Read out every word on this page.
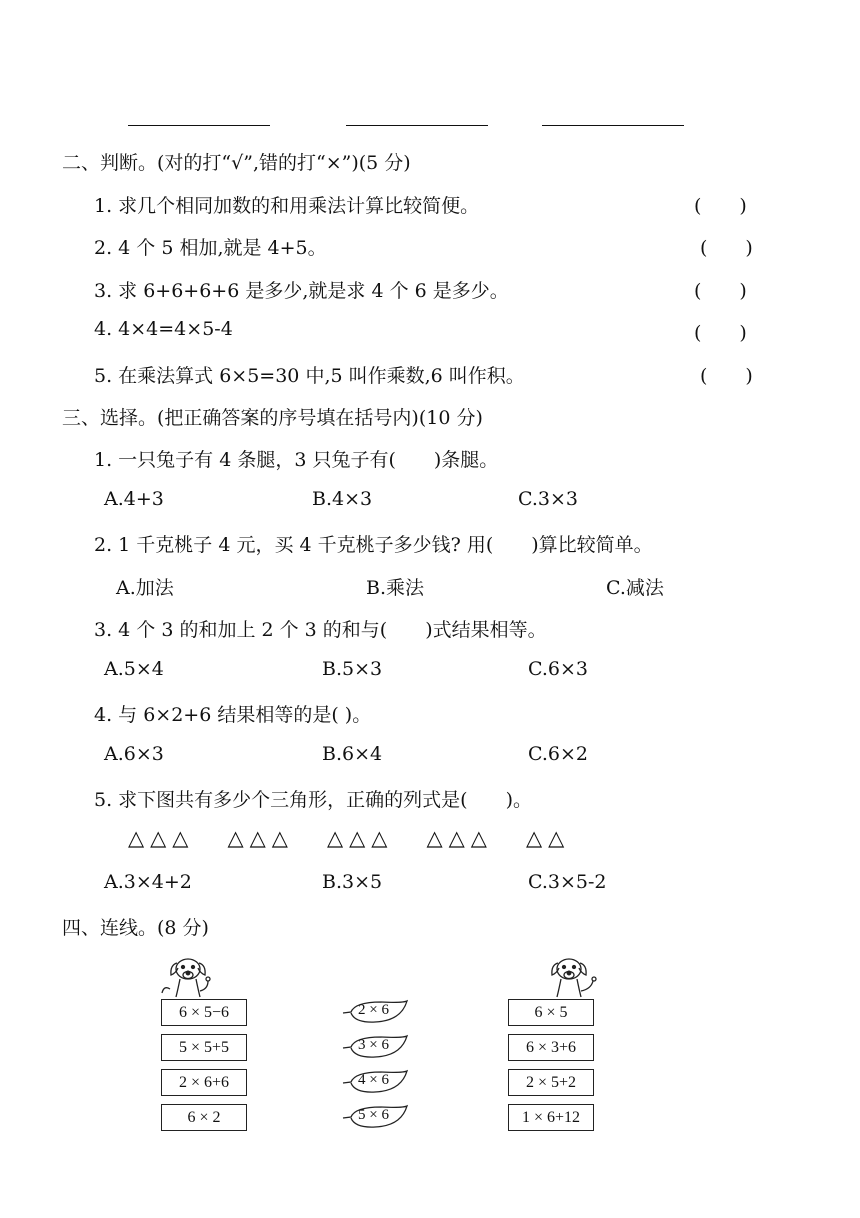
二、判断。(对的打“√”,错的打“×”)(5 分)
1. 求几个相同加数的和用乘法计算比较简便。	(　　)
2. 4 个 5 相加,就是 4+5。	(　　)
3. 求 6+6+6+6 是多少,就是求 4 个 6 是多少。	(　　)
4. 4×4=4×5-4	(　　)
5. 在乘法算式 6×5=30 中,5 叫作乘数,6 叫作积。	(　　)
三、选择。(把正确答案的序号填在括号内)(10 分)
1. 一只兔子有 4 条腿，3 只兔子有(　　)条腿。
A.4+3	B.4×3	C.3×3
2. 1 千克桃子 4 元，买 4 千克桃子多少钱? 用(　　)算比较简单。
A.加法	B.乘法	C.减法
3. 4 个 3 的和加上 2 个 3 的和与(　　)式结果相等。
A.5×4	B.5×3	C.6×3
4. 与 6×2+6 结果相等的是( )。
A.6×3	B.6×4	C.6×2
5. 求下图共有多少个三角形，正确的列式是(　　)。
△△△ △△△ △△△ △△△ △△
A.3×4+2	B.3×5	C.3×5-2
四、连线。(8 分)
6 × 5−6
5 × 5+5
2 × 6+6
6 × 2
2 × 6
3 × 6
4 × 6
5 × 6
6 × 5
6 × 3+6
2 × 5+2
1 × 6+12
